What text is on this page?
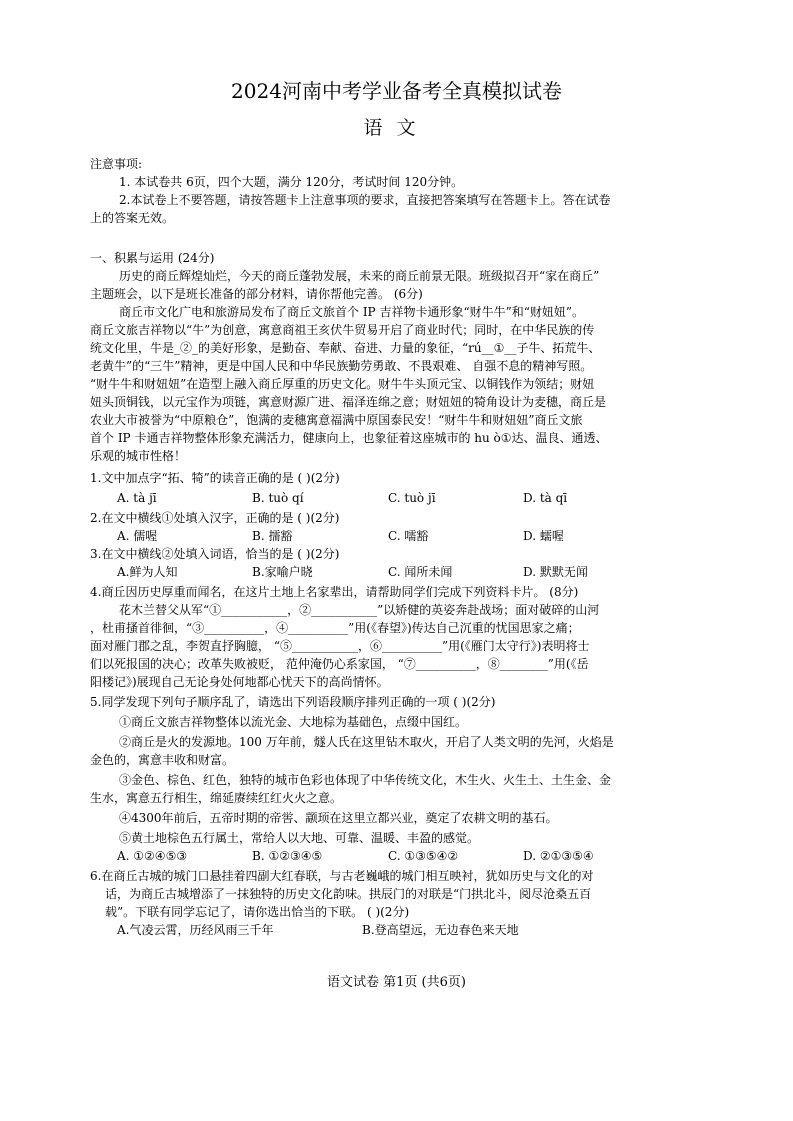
2024河南中考学业备考全真模拟试卷
语文
注意事项:
1. 本试卷共 6页，四个大题，满分 120分，考试时间 120分钟。
2.本试卷上不要答题，请按答题卡上注意事项的要求，直接把答案填写在答题卡上。答在试卷
上的答案无效。
一、积累与运用 (24分)
历史的商丘辉煌灿烂，今天的商丘蓬勃发展，未来的商丘前景无限。班级拟召开“家在商丘”
主题班会，以下是班长准备的部分材料，请你帮他完善。 (6分)
商丘市文化广电和旅游局发布了商丘文旅首个 IP 吉祥物卡通形象“财牛牛”和“财妞妞”。
商丘文旅吉祥物以“牛”为创意，寓意商祖王亥伏牛贸易开启了商业时代；同时，在中华民族的传
统文化里，牛是_②_的美好形象，是勤奋、奉献、奋进、力量的象征，“rú__①__子牛、拓荒牛、
老黄牛”的“三牛”精神，更是中国人民和中华民族勤劳勇敢、不畏艰难、 自强不息的精神写照。
“财牛牛和财妞妞”在造型上融入商丘厚重的历史文化。财牛牛头顶元宝、以铜钱作为领结；财妞
妞头顶铜钱，以元宝作为项链，寓意财源广进、福泽连绵之意；财妞妞的犄角设计为麦穗，商丘是
农业大市被誉为“中原粮仓”，饱满的麦穗寓意福满中原国泰民安！“财牛牛和财妞妞”商丘文旅
首个 IP 卡通吉祥物整体形象充满活力，健康向上，也象征着这座城市的 hu ò①达、温良、通透、
乐观的城市性格！
1.文中加点字“拓、犄”的读音正确的是 ( )(2分)
A. tà jī	B. tuò qí	C. tuò jī	D. tà qī
2.在文中横线①处填入汉字，正确的是 ( )(2分)
A. 儒喔	B. 擩豁	C. 嚅豁	D. 蠕喔
3.在文中横线②处填入词语，恰当的是 ( )(2分)
A.鲜为人知	B.家喻户晓	C. 闻所未闻	D. 默默无闻
4.商丘因历史厚重而闻名，在这片土地上名家辈出，请帮助同学们完成下列资料卡片。 (8分)
花木兰替父从军“①___________，②___________”以矫健的英姿奔赴战场；面对破碎的山河
，杜甫搔首徘徊，“③__________，④__________”用(《春望》)传达自己沉重的忧国思家之痛；
面对雁门郡之乱，李贺直抒胸臆， “⑤___________，⑥__________”用(《雁门太守行》)表明将士
们以死报国的决心；改革失败被贬， 范仲淹仍心系家国， “⑦__________，⑧________”用(《岳
阳楼记》)展现自己无论身处何地都心忧天下的高尚情怀。
5.同学发现下列句子顺序乱了，请选出下列语段顺序排列正确的一项 ( )(2分)
①商丘文旅吉祥物整体以流光金、大地棕为基础色，点缀中国红。
②商丘是火的发源地。100 万年前，燧人氏在这里钻木取火，开启了人类文明的先河，火焰是
金色的，寓意丰收和财富。
③金色、棕色、红色，独特的城市色彩也体现了中华传统文化，木生火、火生土、土生金、金
生水，寓意五行相生，绵延赓续红红火火之意。
④4300年前后，五帝时期的帝喾、颛顼在这里立都兴业，奠定了农耕文明的基石。
⑤黄土地棕色五行属土，常给人以大地、可靠、温暖、丰盈的感觉。
A. ①②④⑤③	B. ①②③④⑤	C. ①③⑤④②	D. ②①③⑤④
6.在商丘古城的城门口悬挂着四副大红春联，与古老巍峨的城门相互映衬，犹如历史与文化的对
话，为商丘古城增添了一抹独特的历史文化韵味。拱辰门的对联是“门拱北斗，阅尽沧桑五百
载”。下联有同学忘记了，请你选出恰当的下联。 ( )(2分)
A.气凌云霄，历经风雨三千年	B.登高望远，无边春色来天地
语文试卷 第1页 (共6页)
